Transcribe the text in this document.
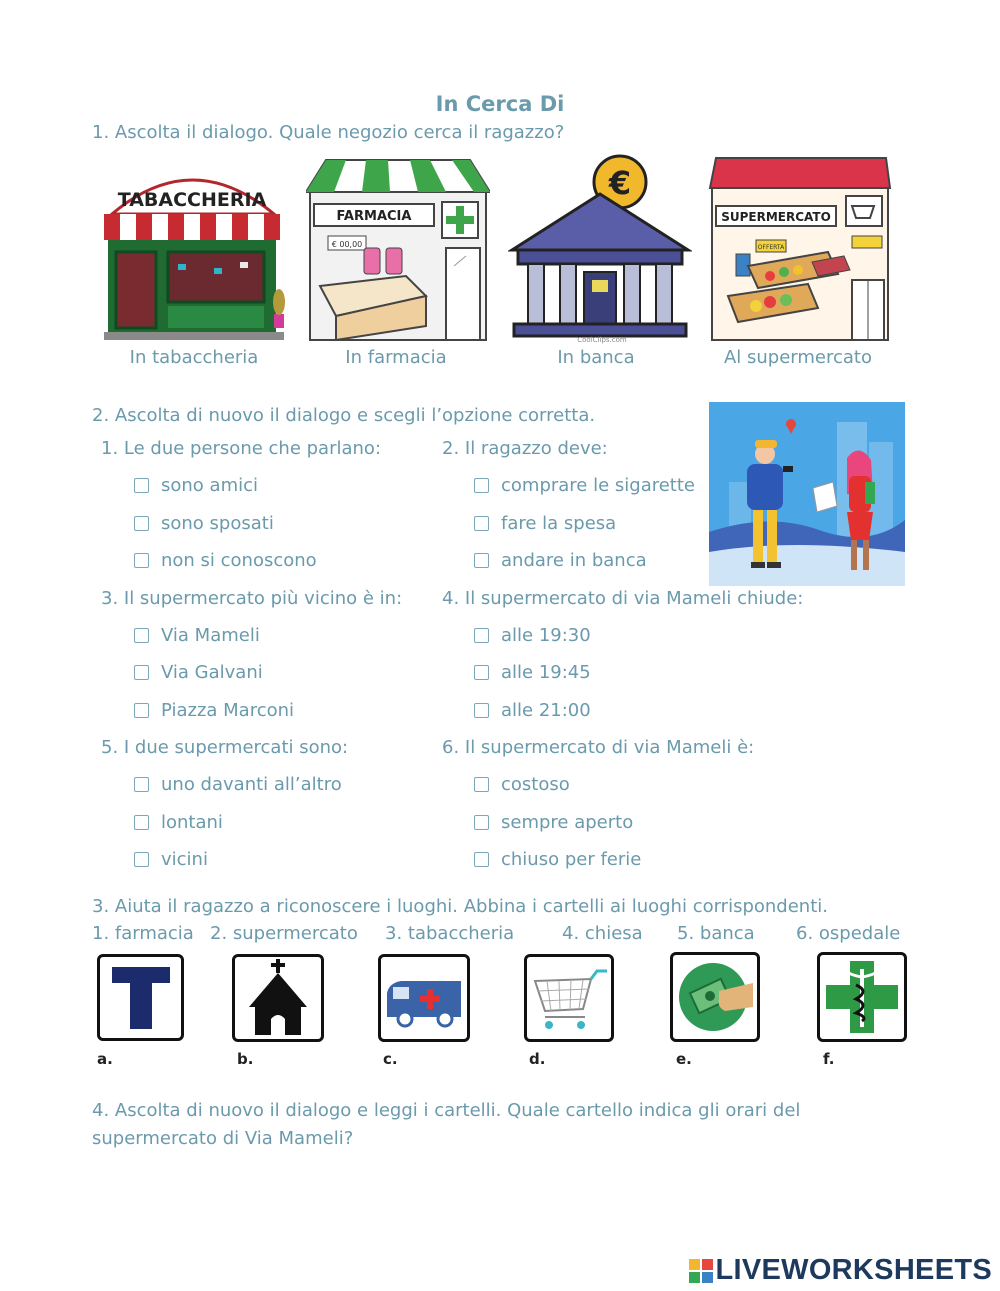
In Cerca Di
1. Ascolta il dialogo. Quale negozio cerca il ragazzo?
TABACCHERIA
In tabaccheria
FARMACIA
€ 00,00
In farmacia
€
CoolClips.com
In banca
SUPERMERCATO
OFFERTA
Al supermercato
2. Ascolta di nuovo il dialogo e scegli l’opzione corretta.
1. Le due persone che parlano:
sono amici
sono sposati
non si conoscono
2. Il ragazzo deve:
comprare le sigarette
fare la spesa
andare in banca
3. Il supermercato più vicino è in:
Via Mameli
Via Galvani
Piazza Marconi
4. Il supermercato di via Mameli chiude:
alle 19:30
alle 19:45
alle 21:00
5. I due supermercati sono:
uno davanti all’altro
lontani
vicini
6. Il supermercato di via Mameli è:
costoso
sempre aperto
chiuso per ferie
3. Aiuta il ragazzo a riconoscere i luoghi. Abbina i cartelli ai luoghi corrispondenti.
1. farmacia 2. supermercato 3. tabaccheria	4. chiesa 5. banca 6. ospedale
a.	b.	c.	d.	e.	f.
4. Ascolta di nuovo il dialogo e leggi i cartelli. Quale cartello indica gli orari del
supermercato di Via Mameli?
LIVEWORKSHEETS
